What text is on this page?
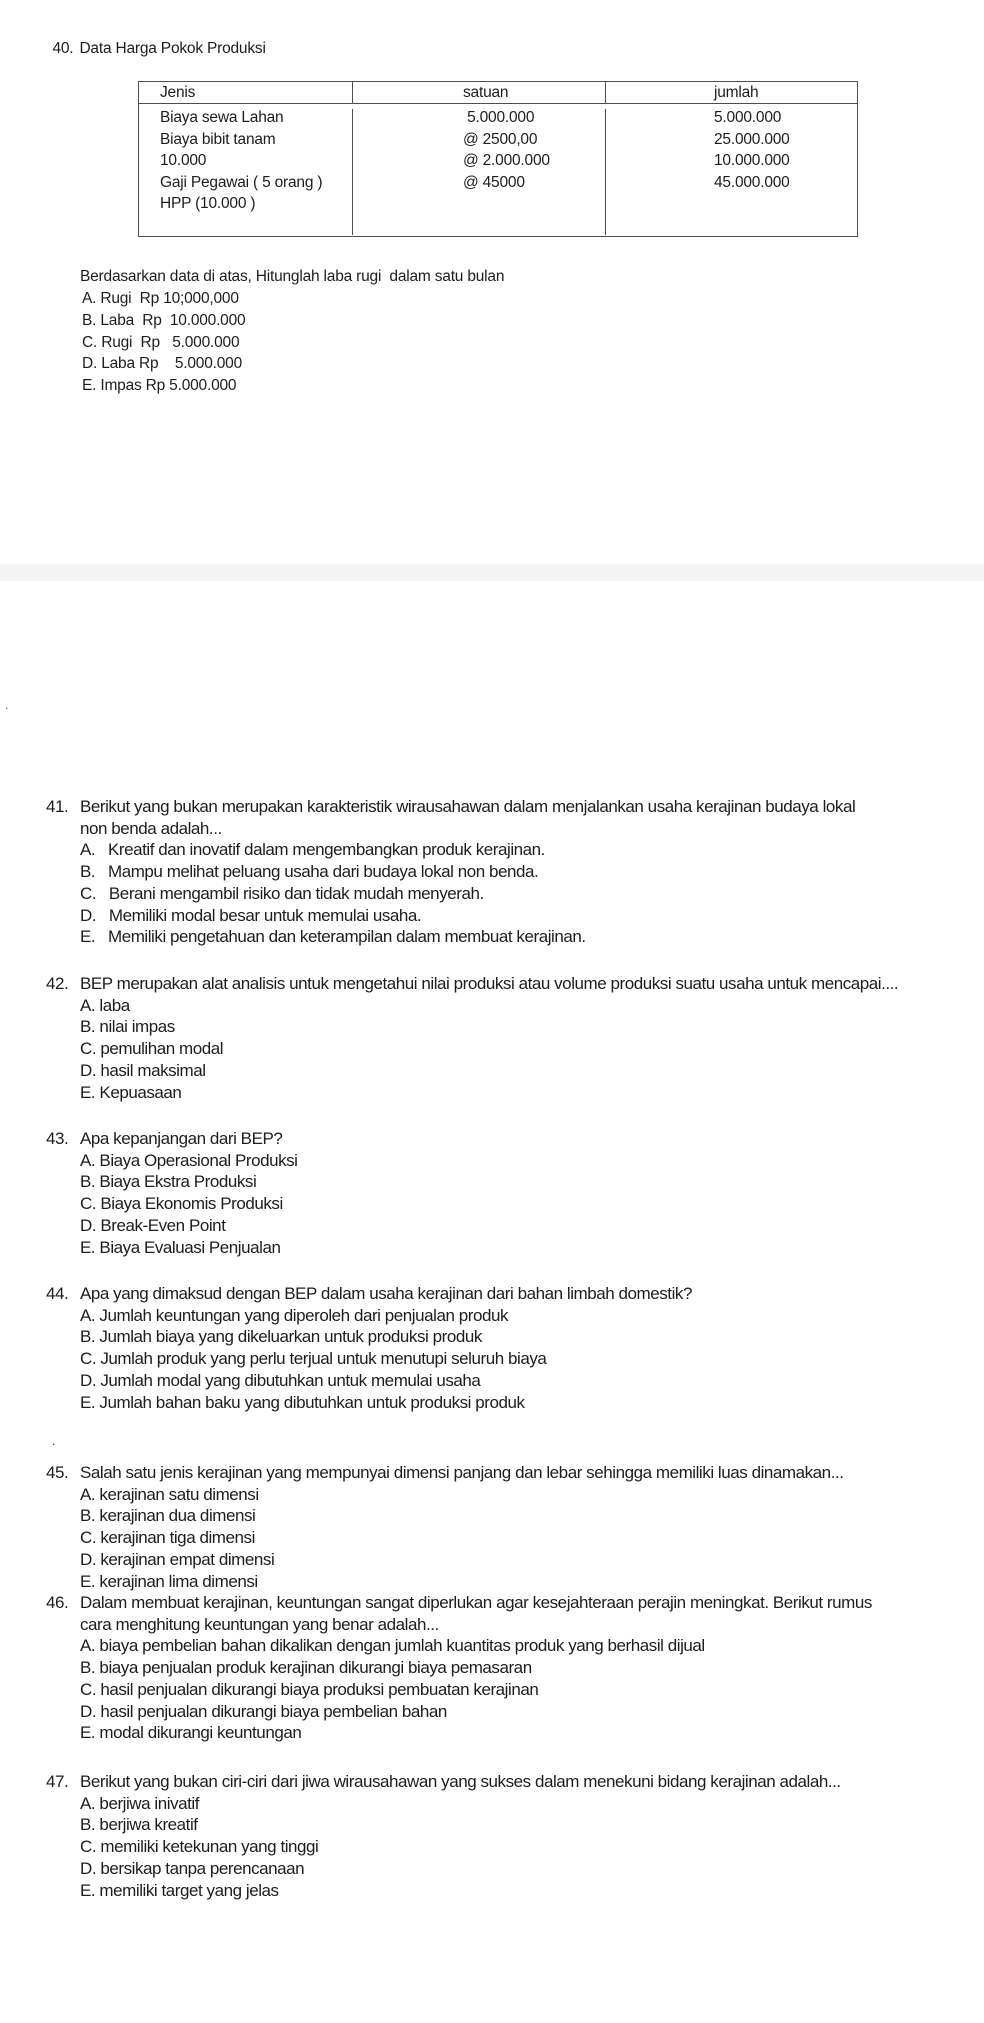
40. Data Harga Pokok Produksi

Jenis	satuan	jumlah
Biaya sewa Lahan
Biaya bibit tanam
10.000
Gaji Pegawai ( 5 orang )
HPP (10.000 )
5.000.000
@ 2500,00
@ 2.000.000
@ 45000
5.000.000
25.000.000
10.000.000
45.000.000
Berdasarkan data di atas, Hitunglah laba rugi  dalam satu bulan
A. Rugi  Rp 10;000,000
B. Laba  Rp  10.000.000
C. Rugi  Rp   5.000.000
D. Laba Rp    5.000.000
E. Impas Rp 5.000.000
.
.
41. Berikut yang bukan merupakan karakteristik wirausahawan dalam menjalankan usaha kerajinan budaya lokal
non benda adalah...
A.   Kreatif dan inovatif dalam mengembangkan produk kerajinan.
B.   Mampu melihat peluang usaha dari budaya lokal non benda.
C.   Berani mengambil risiko dan tidak mudah menyerah.
D.   Memiliki modal besar untuk memulai usaha.
E.   Memiliki pengetahuan dan keterampilan dalam membuat kerajinan.
42. BEP merupakan alat analisis untuk mengetahui nilai produksi atau volume produksi suatu usaha untuk mencapai....
A. laba
B. nilai impas
C. pemulihan modal
D. hasil maksimal
E. Kepuasaan
43. Apa kepanjangan dari BEP?
A. Biaya Operasional Produksi
B. Biaya Ekstra Produksi
C. Biaya Ekonomis Produksi
D. Break-Even Point
E. Biaya Evaluasi Penjualan
44. Apa yang dimaksud dengan BEP dalam usaha kerajinan dari bahan limbah domestik?
A. Jumlah keuntungan yang diperoleh dari penjualan produk
B. Jumlah biaya yang dikeluarkan untuk produksi produk
C. Jumlah produk yang perlu terjual untuk menutupi seluruh biaya
D. Jumlah modal yang dibutuhkan untuk memulai usaha
E. Jumlah bahan baku yang dibutuhkan untuk produksi produk
45. Salah satu jenis kerajinan yang mempunyai dimensi panjang dan lebar sehingga memiliki luas dinamakan...
A. kerajinan satu dimensi
B. kerajinan dua dimensi
C. kerajinan tiga dimensi
D. kerajinan empat dimensi
E. kerajinan lima dimensi
46. Dalam membuat kerajinan, keuntungan sangat diperlukan agar kesejahteraan perajin meningkat. Berikut rumus
cara menghitung keuntungan yang benar adalah...
A. biaya pembelian bahan dikalikan dengan jumlah kuantitas produk yang berhasil dijual
B. biaya penjualan produk kerajinan dikurangi biaya pemasaran
C. hasil penjualan dikurangi biaya produksi pembuatan kerajinan
D. hasil penjualan dikurangi biaya pembelian bahan
E. modal dikurangi keuntungan
47. Berikut yang bukan ciri-ciri dari jiwa wirausahawan yang sukses dalam menekuni bidang kerajinan adalah...
A. berjiwa inivatif
B. berjiwa kreatif
C. memiliki ketekunan yang tinggi
D. bersikap tanpa perencanaan
E. memiliki target yang jelas
